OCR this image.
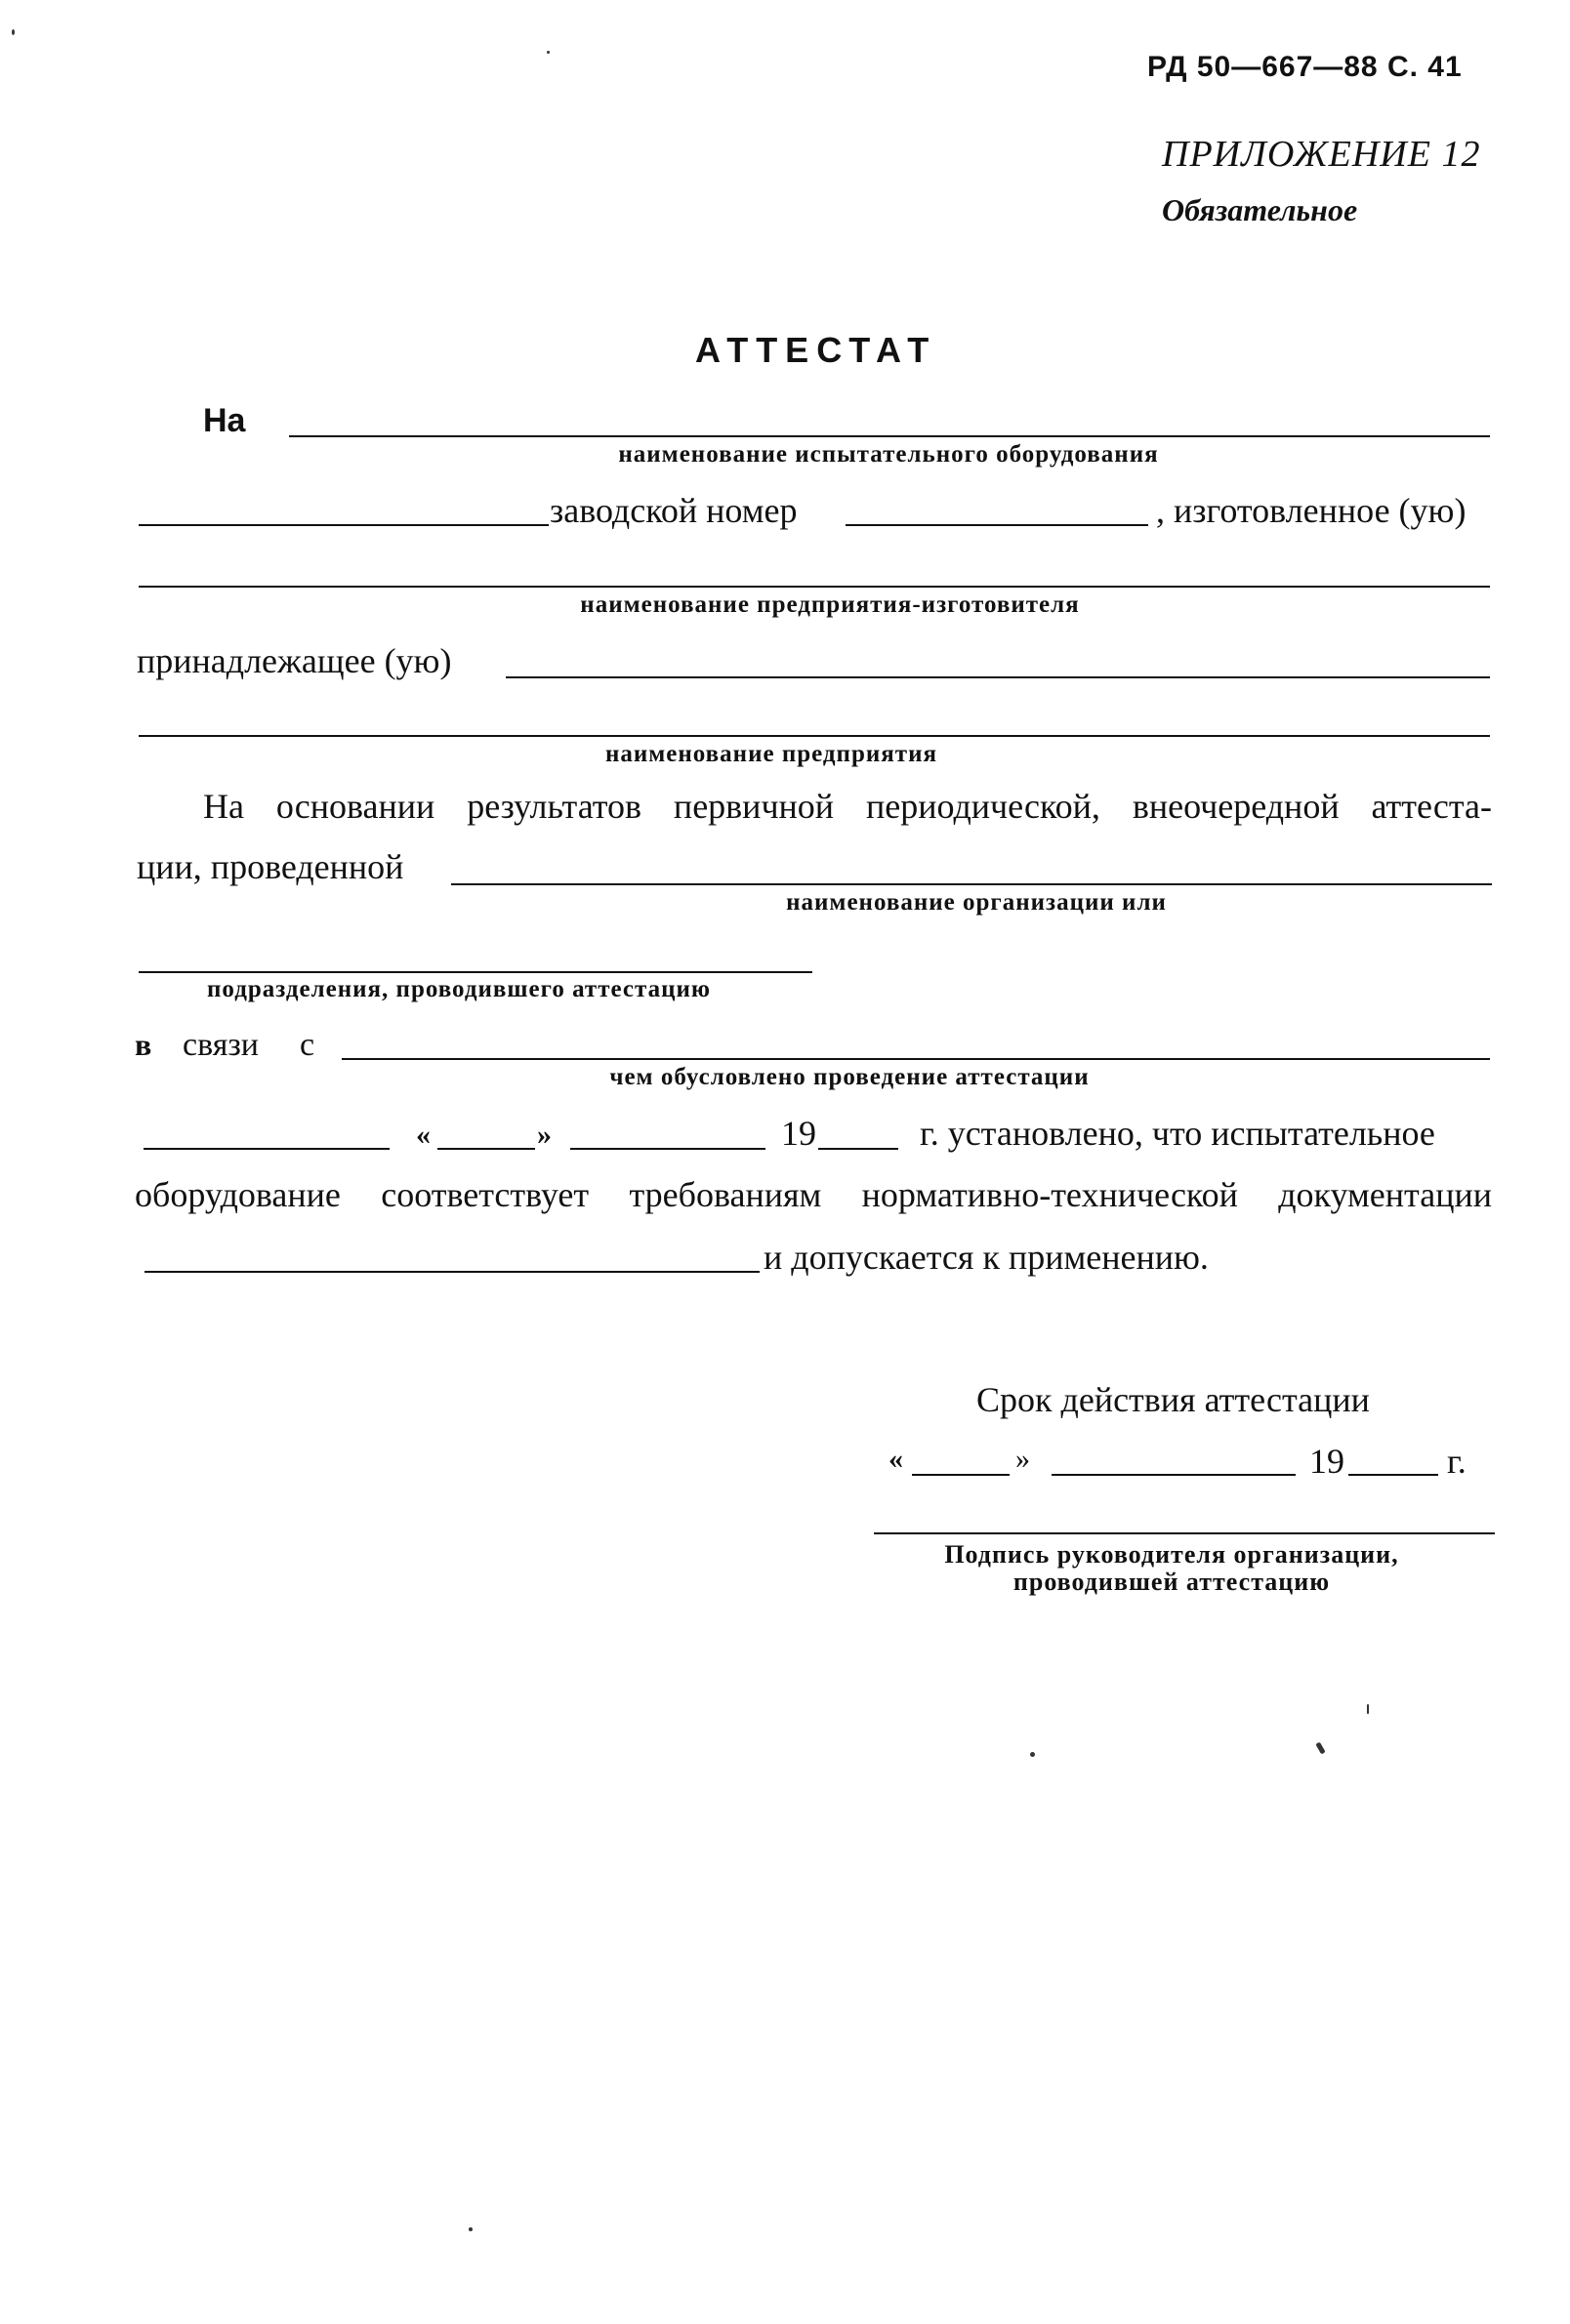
РД 50—667—88 С. 41
ПРИЛОЖЕНИЕ 12
Обязательное
АТТЕСТАТ
На
наименование испытательного оборудования
заводской номер	, изготовленное (ую)
наименование предприятия-изготовителя
принадлежащее (ую)
наименование предприятия
На основании результатов первичной периодической, внеочередной аттеста-
ции, проведенной
наименование организации или
подразделения, проводившего аттестацию
в связи с
чем обусловлено проведение аттестации
«	»	19	г. установлено, что испытательное
оборудование соответствует требованиям нормативно-технической документации
и допускается к применению.
Срок действия аттестации
«	»	19	г.
Подпись руководителя организации,
проводившей аттестацию
